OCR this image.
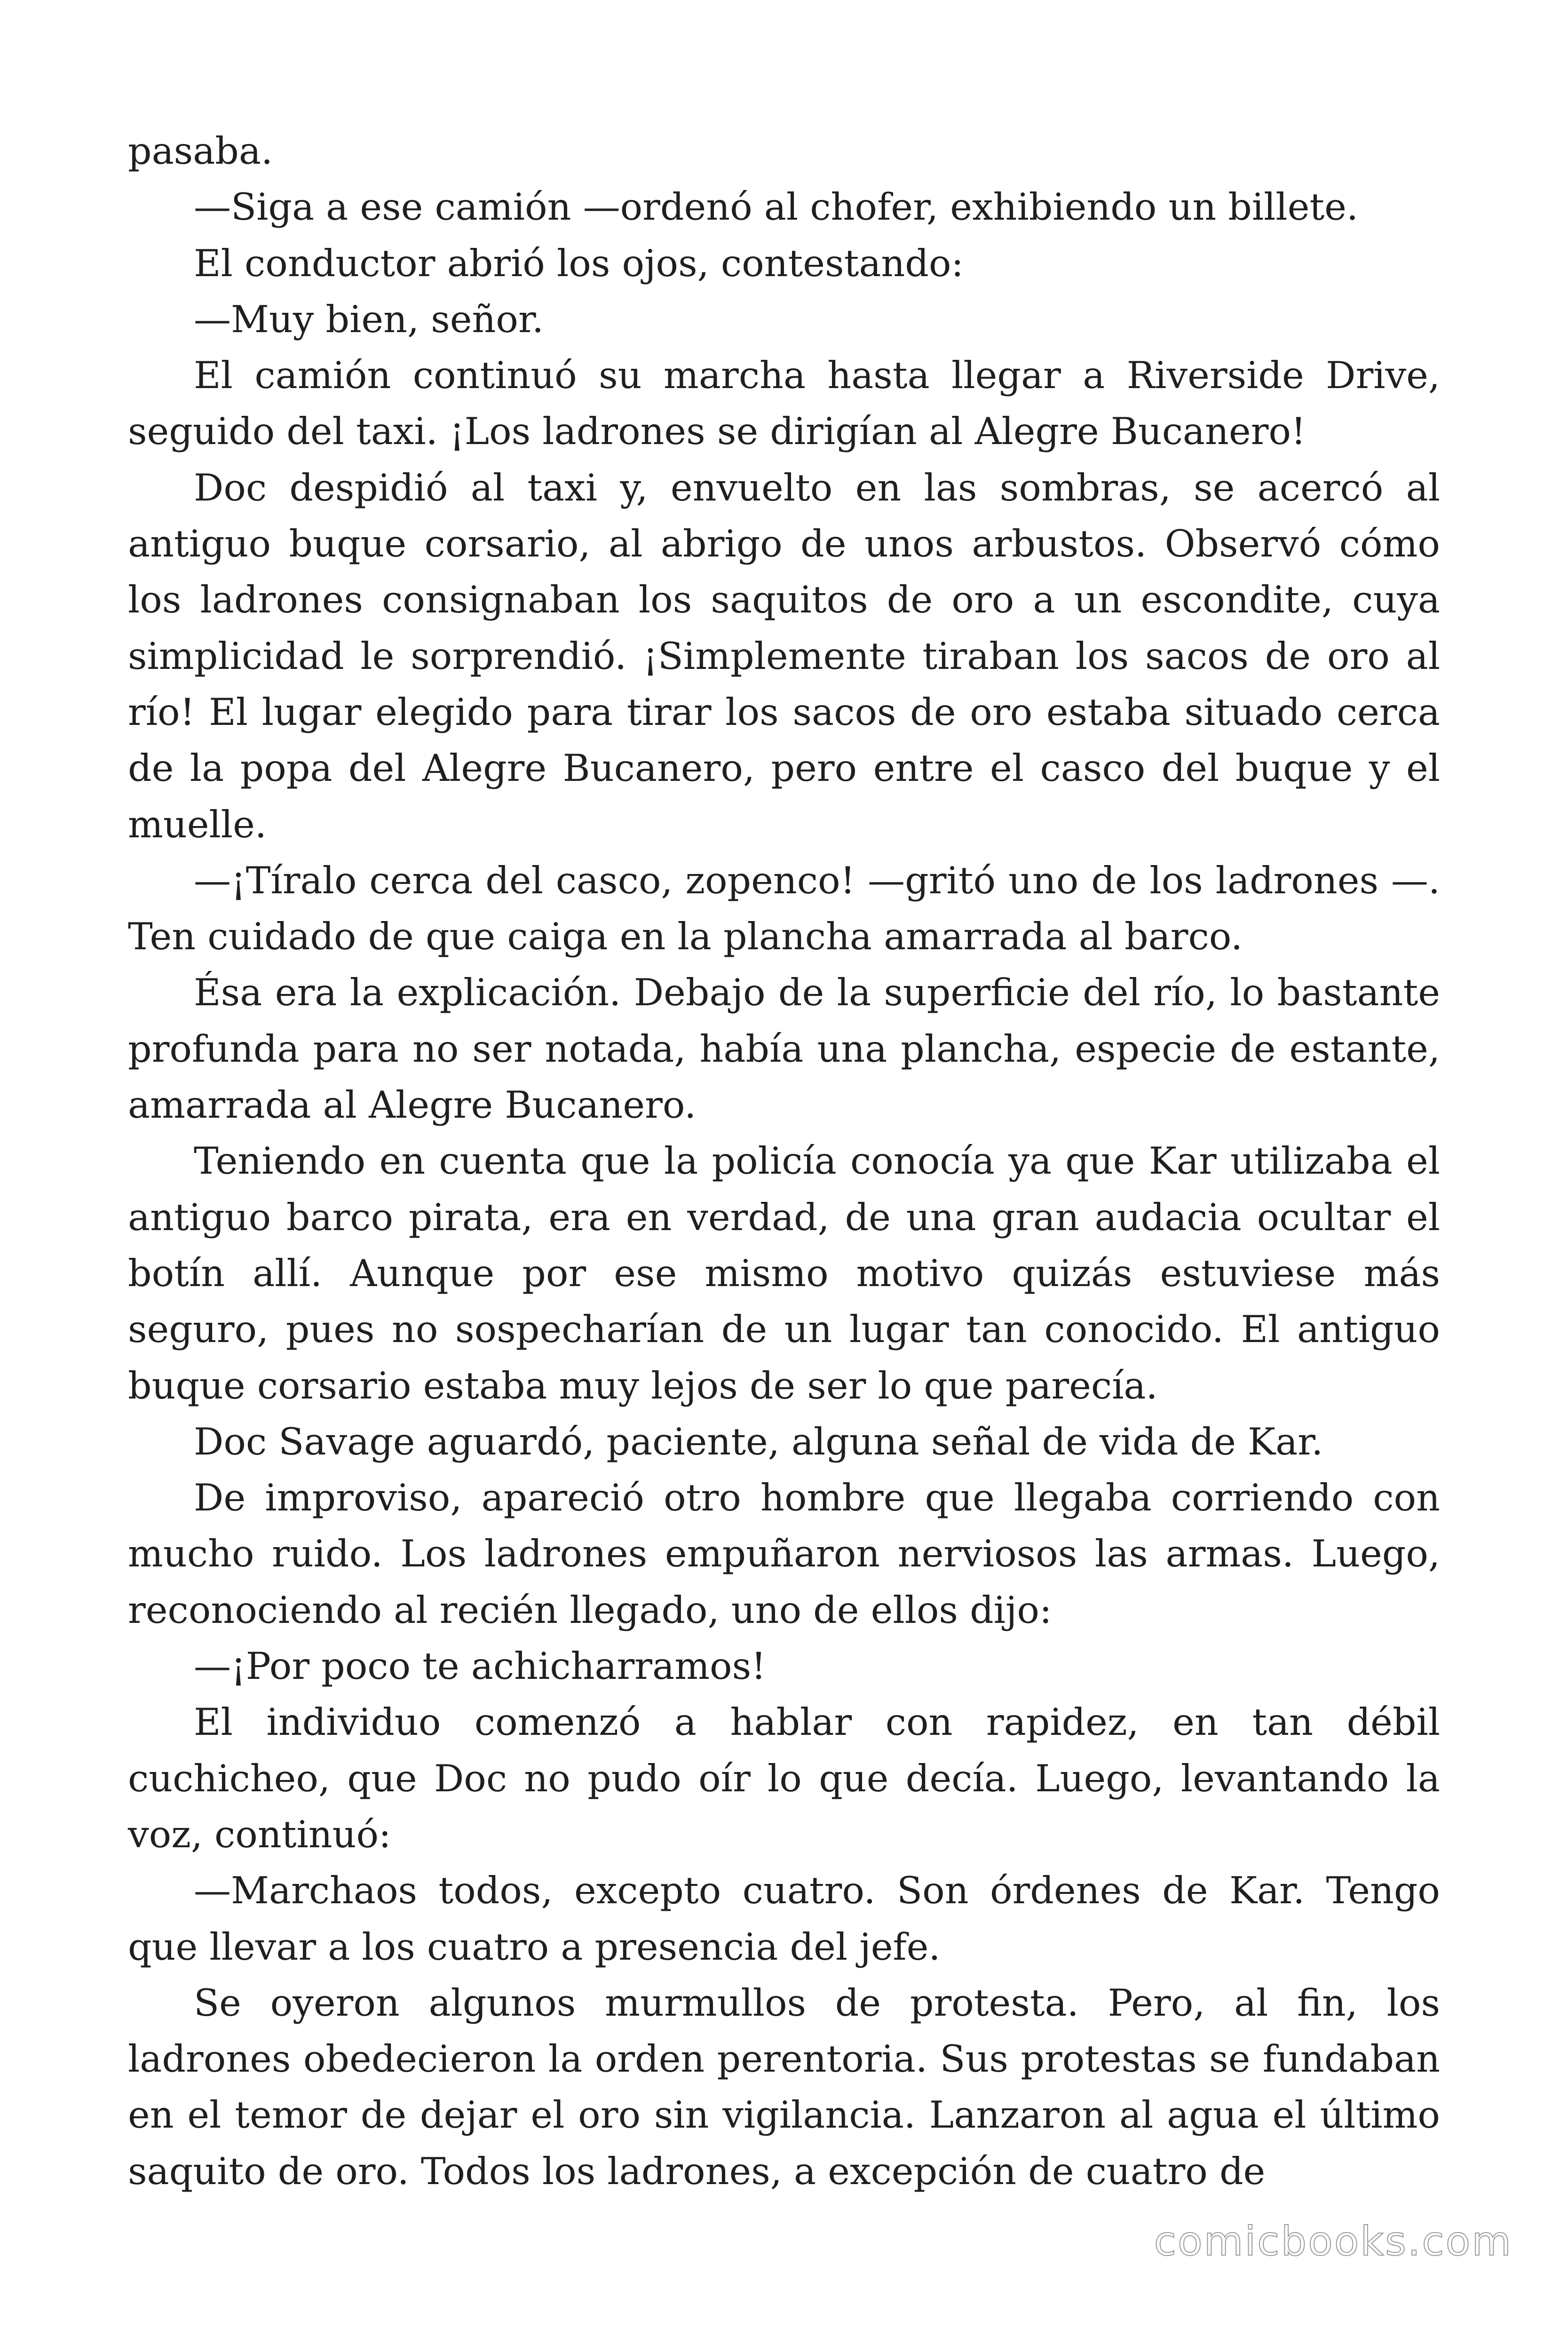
pasaba.

—Siga a ese camión —ordenó al chofer, exhibiendo un billete.

El conductor abrió los ojos, contestando:

—Muy bien, señor.

El camión continuó su marcha hasta llegar a Riverside Drive, seguido del taxi. ¡Los ladrones se dirigían al Alegre Bucanero!

Doc despidió al taxi y, envuelto en las sombras, se acercó al antiguo buque corsario, al abrigo de unos arbustos. Observó cómo los ladrones consignaban los saquitos de oro a un escondite, cuya simplicidad le sorprendió. ¡Simplemente tiraban los sacos de oro al río! El lugar elegido para tirar los sacos de oro estaba situado cerca de la popa del Alegre Bucanero, pero entre el casco del buque y el muelle.

—¡Tíralo cerca del casco, zopenco! —gritó uno de los ladrones —. Ten cuidado de que caiga en la plancha amarrada al barco.

Ésa era la explicación. Debajo de la superficie del río, lo bastante profunda para no ser notada, había una plancha, especie de estante, amarrada al Alegre Bucanero.

Teniendo en cuenta que la policía conocía ya que Kar utilizaba el antiguo barco pirata, era en verdad, de una gran audacia ocultar el botín allí. Aunque por ese mismo motivo quizás estuviese más seguro, pues no sospecharían de un lugar tan conocido. El antiguo buque corsario estaba muy lejos de ser lo que parecía.

Doc Savage aguardó, paciente, alguna señal de vida de Kar.

De improviso, apareció otro hombre que llegaba corriendo con mucho ruido. Los ladrones empuñaron nerviosos las armas. Luego, reconociendo al recién llegado, uno de ellos dijo:

—¡Por poco te achicharramos!

El individuo comenzó a hablar con rapidez, en tan débil cuchicheo, que Doc no pudo oír lo que decía. Luego, levantando la voz, continuó:

—Marchaos todos, excepto cuatro. Son órdenes de Kar. Tengo que llevar a los cuatro a presencia del jefe.

Se oyeron algunos murmullos de protesta. Pero, al fin, los ladrones obedecieron la orden perentoria. Sus protestas se fundaban en el temor de dejar el oro sin vigilancia. Lanzaron al agua el último saquito de oro. Todos los ladrones, a excepción de cuatro de

comicbooks.com
